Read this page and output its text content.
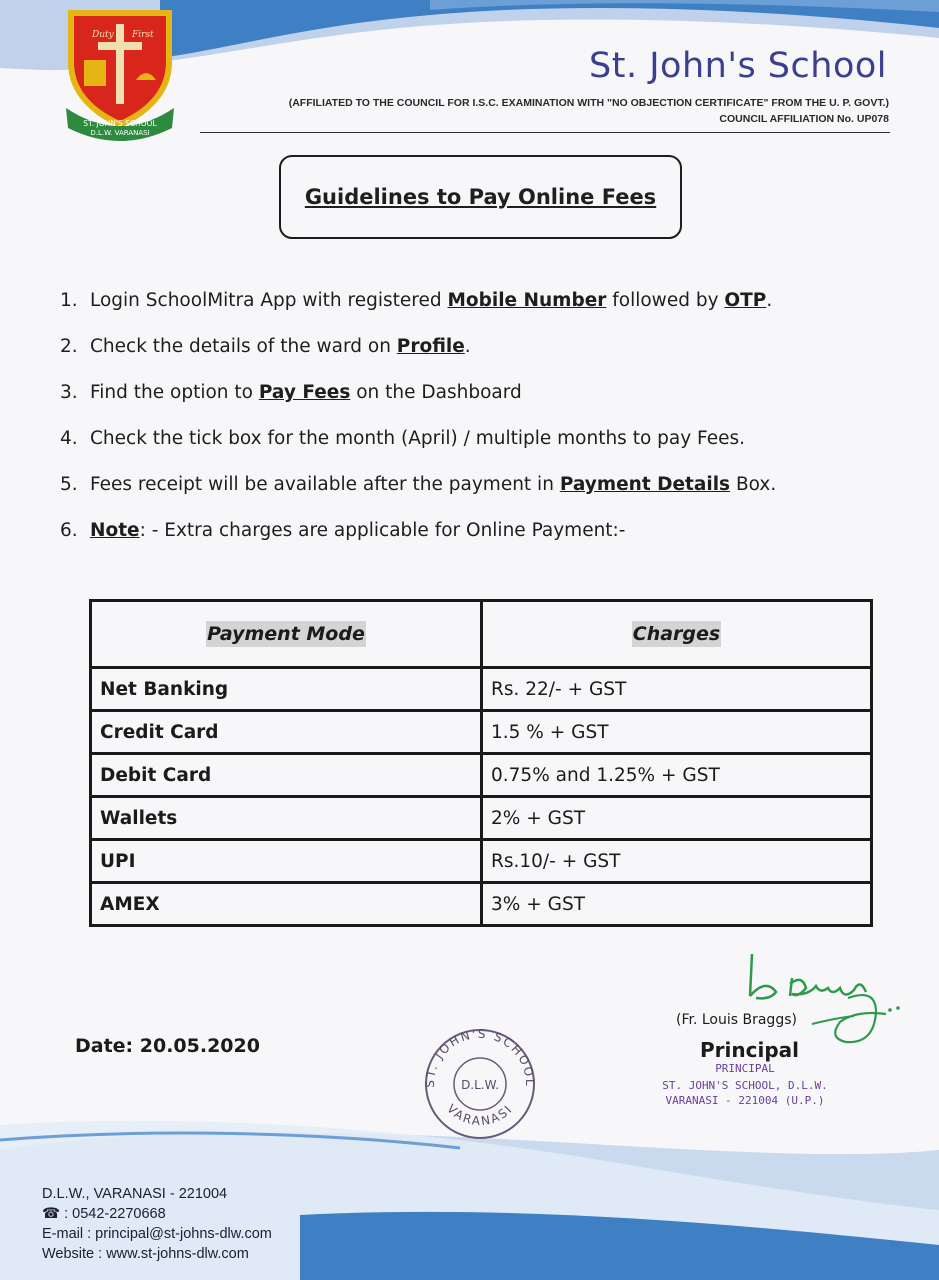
Duty First
ST. JOHN'S SCHOOL
D.L.W. VARANASI
St. John's School
(AFFILIATED TO THE COUNCIL FOR I.S.C. EXAMINATION WITH "NO OBJECTION CERTIFICATE" FROM THE U. P. GOVT.)
COUNCIL AFFILIATION No. UP078
Guidelines to Pay Online Fees
1. Login SchoolMitra App with registered Mobile Number followed by OTP.
2. Check the details of the ward on Profile.
3. Find the option to Pay Fees on the Dashboard
4. Check the tick box for the month (April) / multiple months to pay Fees.
5. Fees receipt will be available after the payment in Payment Details Box.
6. Note: - Extra charges are applicable for Online Payment:-
Payment Mode	Charges
Net Banking	Rs. 22/- + GST
Credit Card	1.5 % + GST
Debit Card	0.75% and 1.25% + GST
Wallets	2% + GST
UPI	Rs.10/- + GST
AMEX	3% + GST
Date: 20.05.2020
ST. JOHN'S SCHOOL
D.L.W.
VARANASI
(Fr. Louis Braggs)
Principal
PRINCIPAL
ST. JOHN'S SCHOOL, D.L.W.
VARANASI - 221004 (U.P.)
D.L.W., VARANASI - 221004
☎ : 0542-2270668
E-mail : principal@st-johns-dlw.com
Website : www.st-johns-dlw.com
